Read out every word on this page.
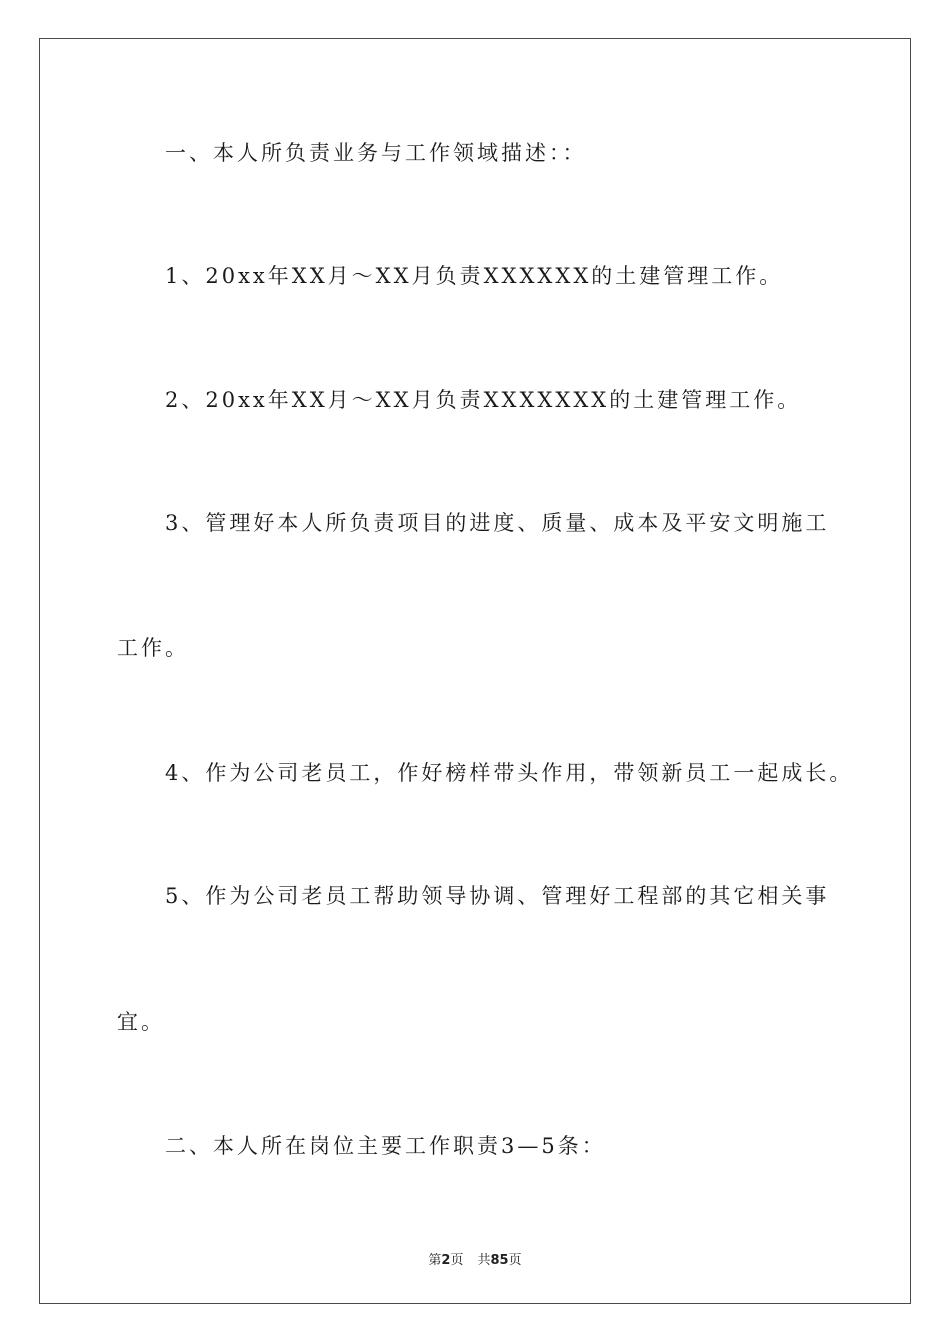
一、本人所负责业务与工作领域描述：：
1、20xx年XX月～XX月负责XXXXXX的土建管理工作。
2、20xx年XX月～XX月负责XXXXXXX的土建管理工作。
3、管理好本人所负责项目的进度、质量、成本及平安文明施工
工作。
4、作为公司老员工，作好榜样带头作用，带领新员工一起成长。
5、作为公司老员工帮助领导协调、管理好工程部的其它相关事
宜。
二、本人所在岗位主要工作职责3—5条：
第2页 共85页
